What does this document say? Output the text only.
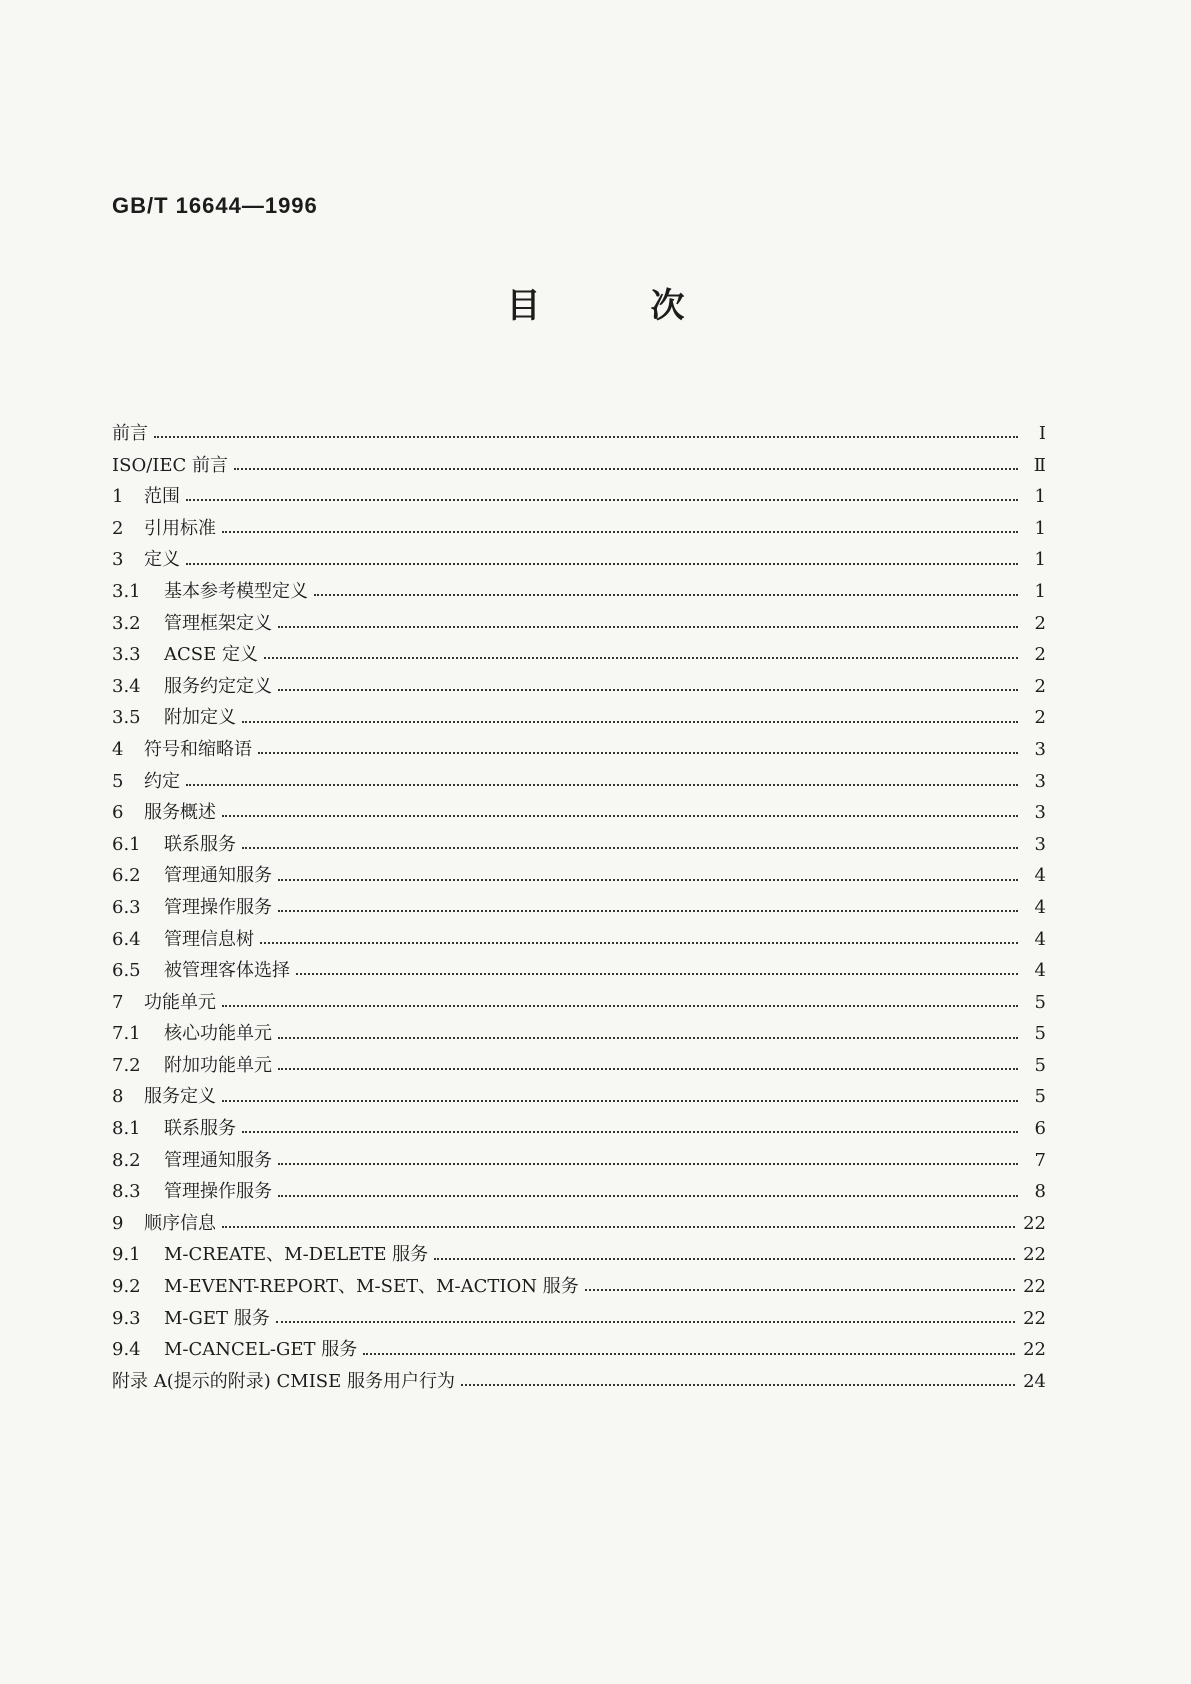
GB/T 16644—1996
目次
前言	I
ISO/IEC 前言	Ⅱ
1	范围	1
2	引用标准	1
3	定义	1
3.1	基本参考模型定义	1
3.2	管理框架定义	2
3.3	ACSE 定义	2
3.4	服务约定定义	2
3.5	附加定义	2
4	符号和缩略语	3
5	约定	3
6	服务概述	3
6.1	联系服务	3
6.2	管理通知服务	4
6.3	管理操作服务	4
6.4	管理信息树	4
6.5	被管理客体选择	4
7	功能单元	5
7.1	核心功能单元	5
7.2	附加功能单元	5
8	服务定义	5
8.1	联系服务	6
8.2	管理通知服务	7
8.3	管理操作服务	8
9	顺序信息	22
9.1	M-CREATE、M-DELETE 服务	22
9.2	M-EVENT-REPORT、M-SET、M-ACTION 服务	22
9.3	M-GET 服务	22
9.4	M-CANCEL-GET 服务	22
附录 A(提示的附录) CMISE 服务用户行为	24
